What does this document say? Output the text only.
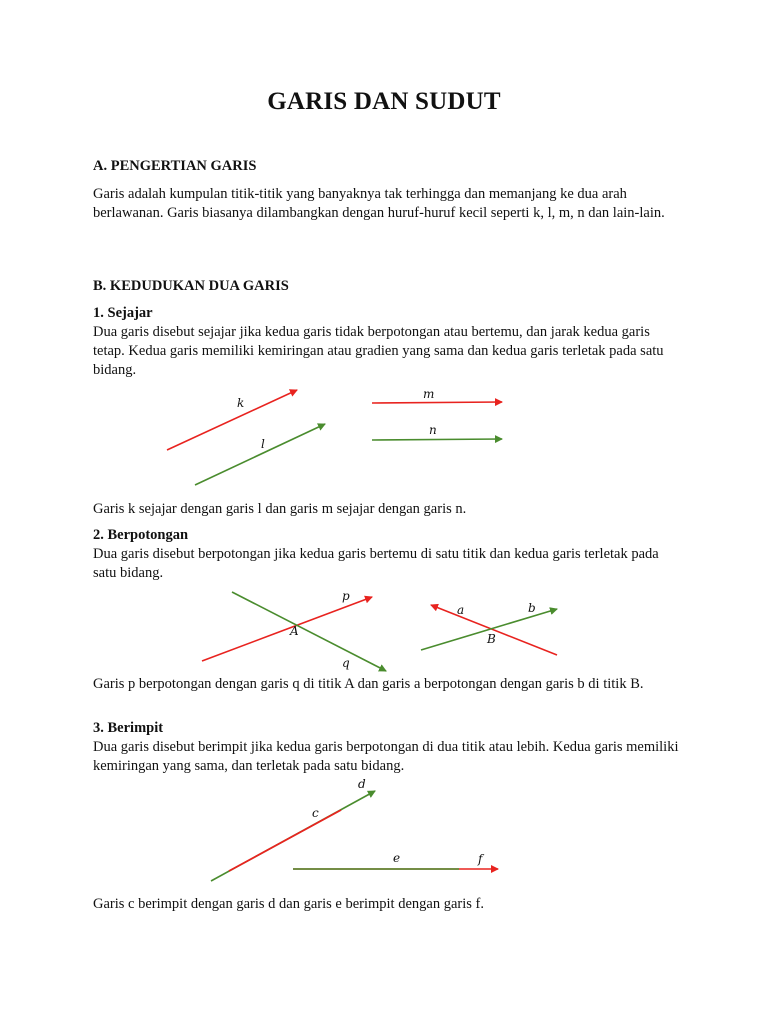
GARIS DAN SUDUT
A. PENGERTIAN GARIS

Garis adalah kumpulan titik-titik yang banyaknya tak terhingga dan memanjang ke dua arah berlawanan. Garis biasanya dilambangkan dengan huruf-huruf kecil seperti k, l, m, n dan lain-lain.

B. KEDUDUKAN DUA GARIS
1. Sejajar

Dua garis disebut sejajar jika kedua garis tidak berpotongan atau bertemu, dan jarak kedua garis tetap. Kedua garis memiliki kemiringan atau gradien yang sama dan kedua garis terletak pada satu bidang.

k
l
m
n

Garis k sejajar dengan garis l dan garis m sejajar dengan garis n.

2. Berpotongan

Dua garis disebut berpotongan jika kedua garis bertemu di satu titik dan kedua garis terletak pada satu bidang.

p
A
q
a	b
B

Garis p berpotongan dengan garis q di titik A dan garis a berpotongan dengan garis b di titik B.

3. Berimpit

Dua garis disebut berimpit jika kedua garis berpotongan di dua titik atau lebih. Kedua garis memiliki kemiringan yang sama, dan terletak pada satu bidang.

c
d
e	f

Garis c berimpit dengan garis d dan garis e berimpit dengan garis f.
